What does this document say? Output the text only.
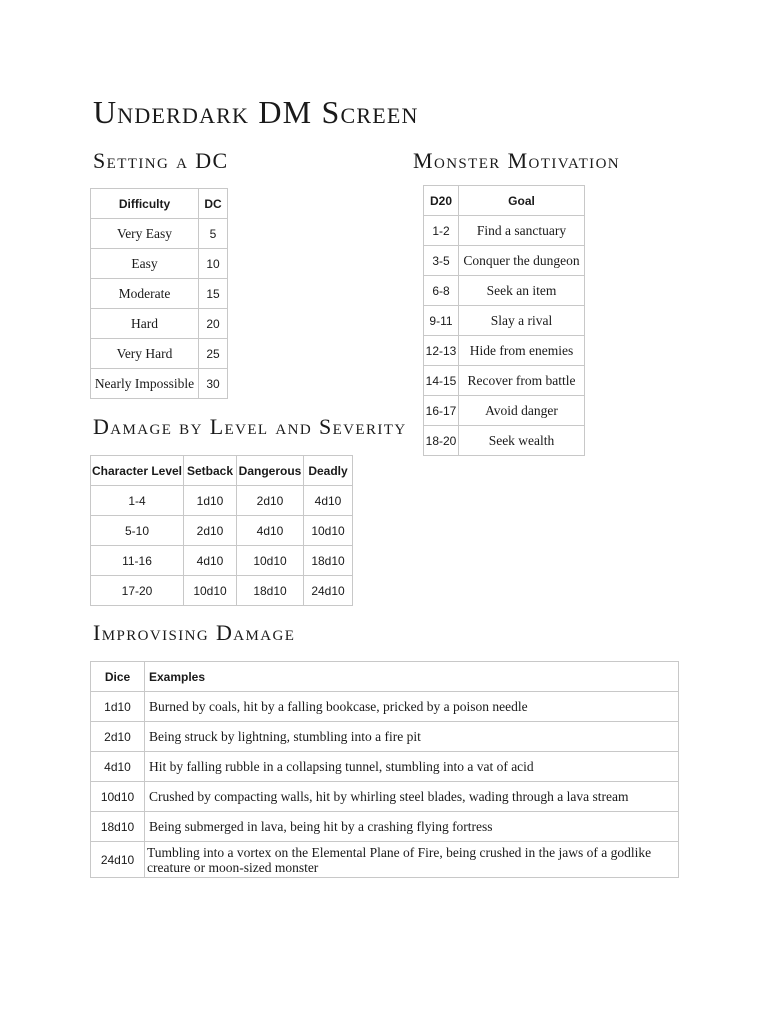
Underdark DM Screen
Setting a DC
Difficulty	DC
Very Easy	5
Easy	10
Moderate	15
Hard	20
Very Hard	25
Nearly Impossible	30
Monster Motivation
D20	Goal
1-2	Find a sanctuary
3-5	Conquer the dungeon
6-8	Seek an item
9-11	Slay a rival
12-13	Hide from enemies
14-15	Recover from battle
16-17	Avoid danger
18-20	Seek wealth
Damage by Level and Severity
Character Level	Setback	Dangerous	Deadly
1-4	1d10	2d10	4d10
5-10	2d10	4d10	10d10
11-16	4d10	10d10	18d10
17-20	10d10	18d10	24d10
Improvising Damage
Dice	Examples
1d10	Burned by coals, hit by a falling bookcase, pricked by a poison needle
2d10	Being struck by lightning, stumbling into a fire pit
4d10	Hit by falling rubble in a collapsing tunnel, stumbling into a vat of acid
10d10	Crushed by compacting walls, hit by whirling steel blades, wading through a lava stream
18d10	Being submerged in lava, being hit by a crashing flying fortress
24d10	Tumbling into a vortex on the Elemental Plane of Fire, being crushed in the jaws of a godlike creature or moon-sized monster
